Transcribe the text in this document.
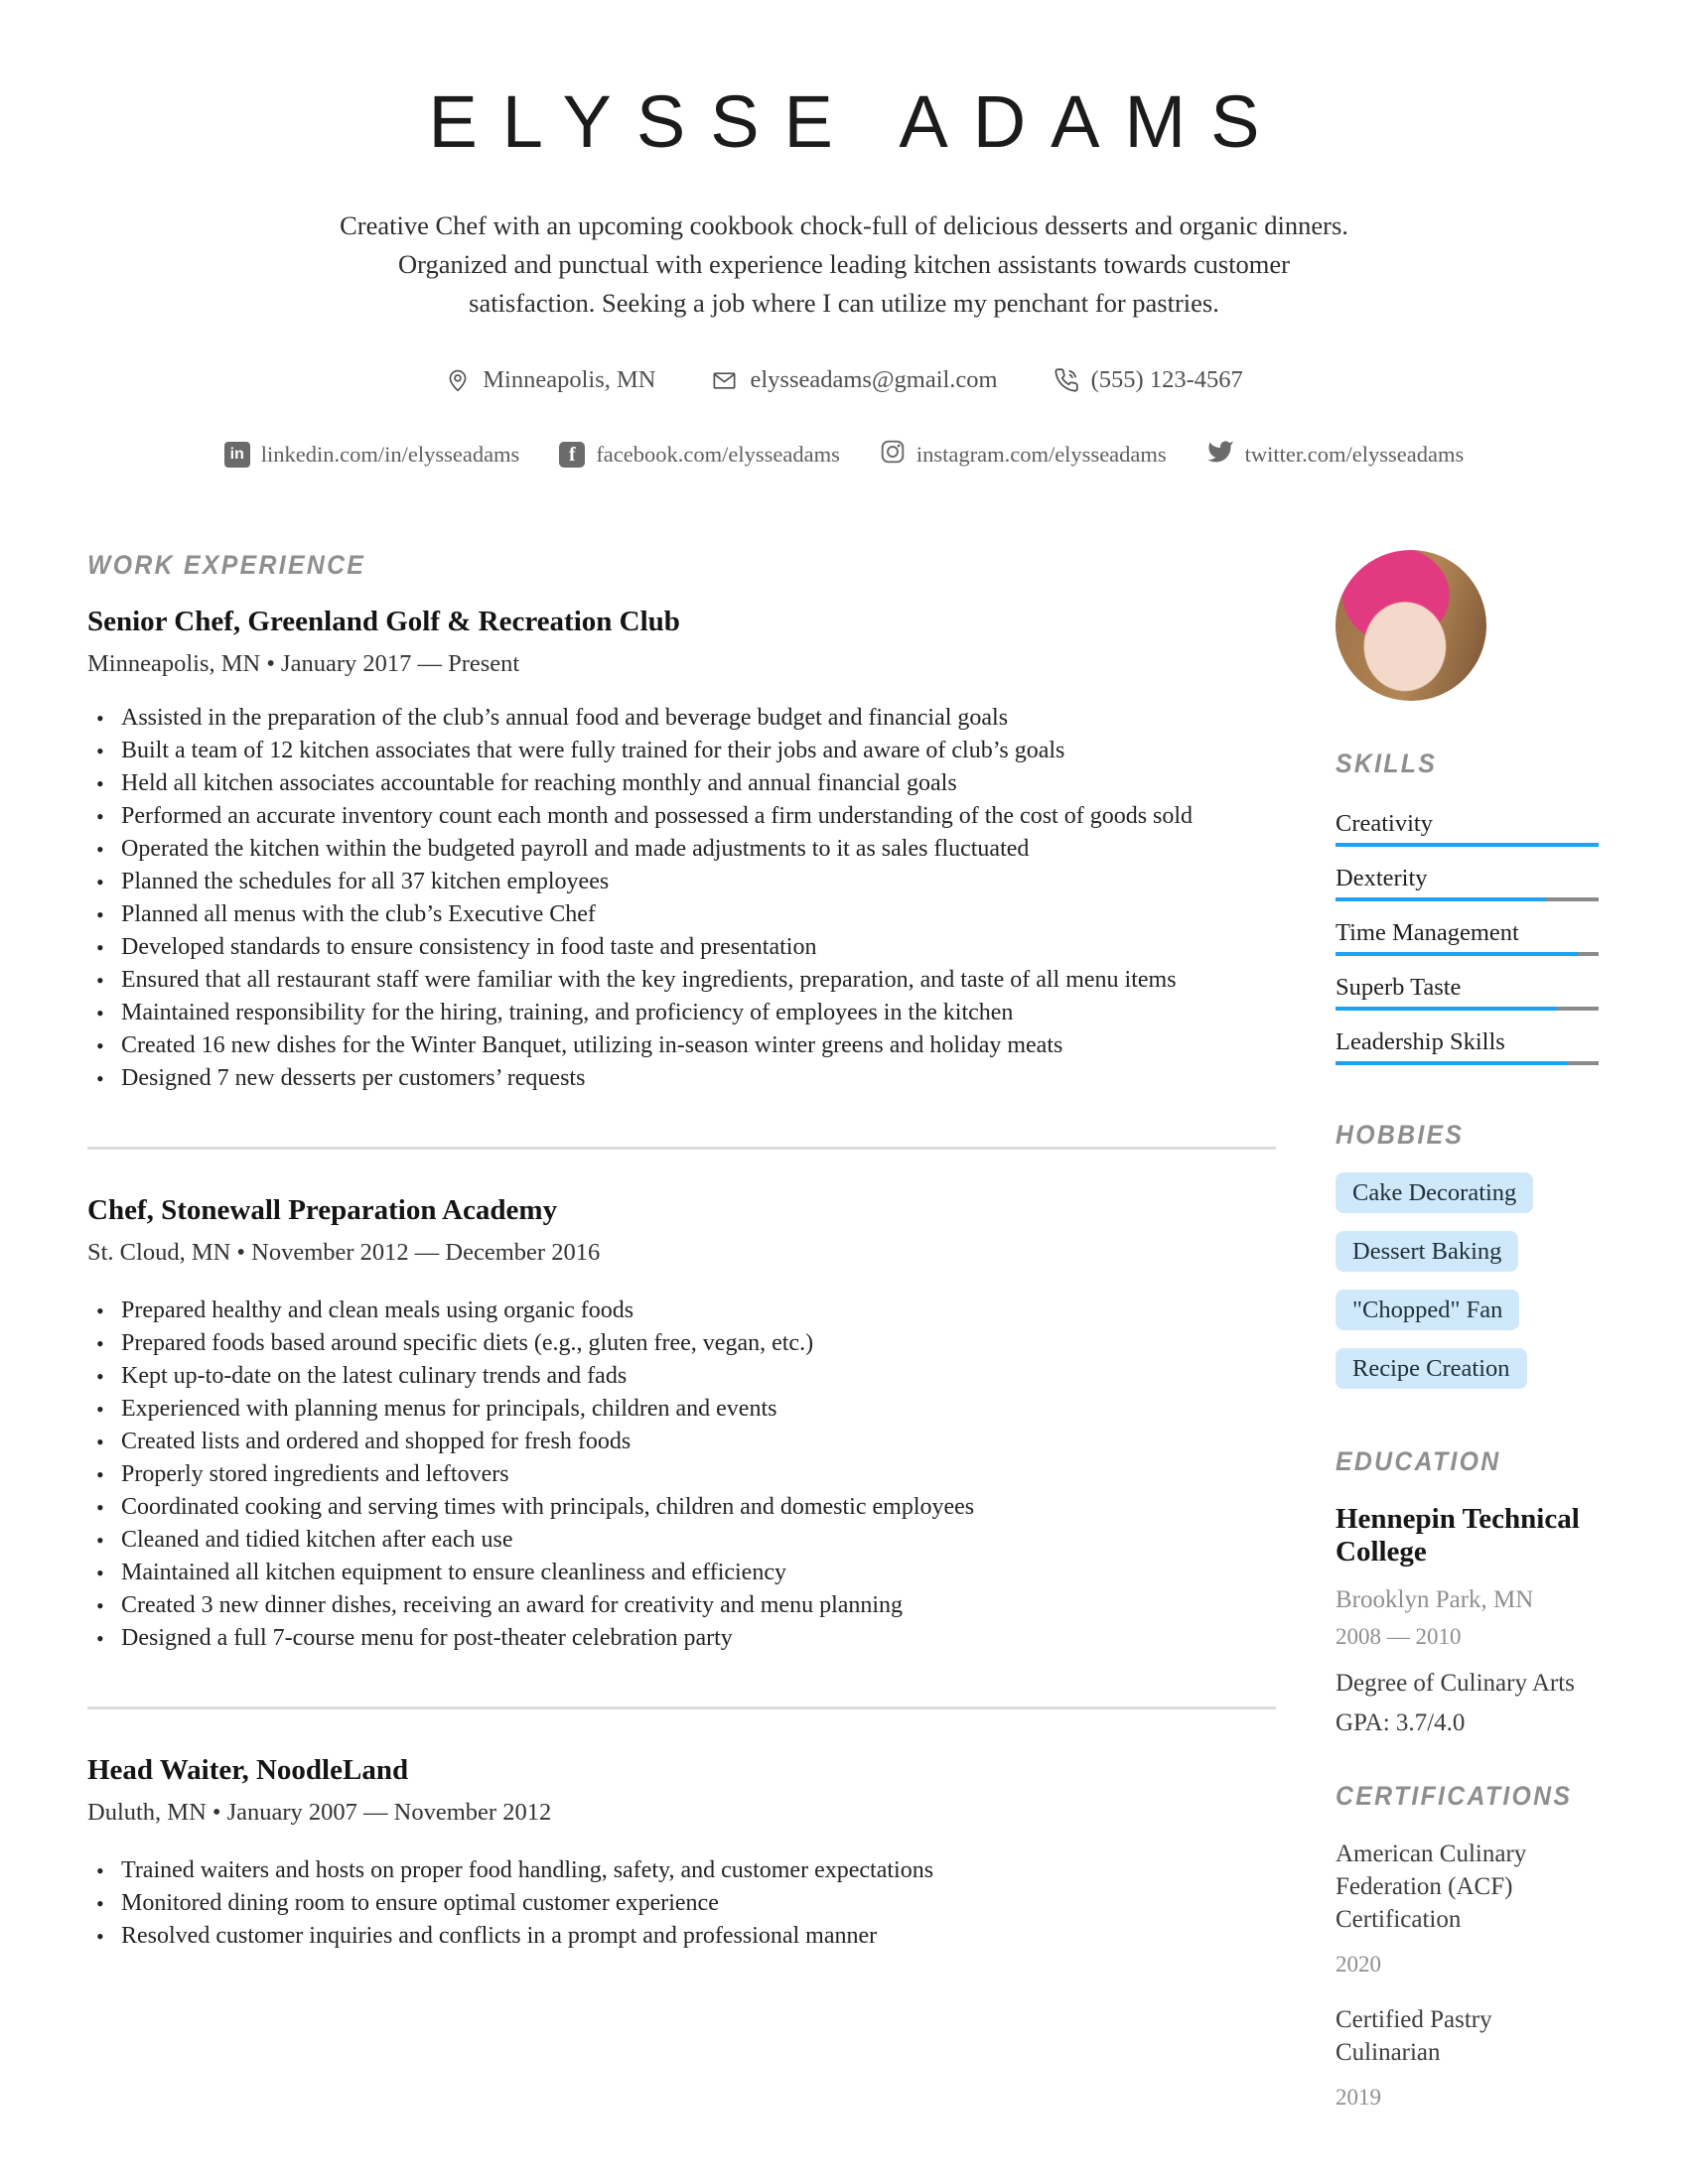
ELYSSE ADAMS
Creative Chef with an upcoming cookbook chock-full of delicious desserts and organic dinners.
Organized and punctual with experience leading kitchen assistants towards customer
satisfaction. Seeking a job where I can utilize my penchant for pastries.
Minneapolis, MN	elysseadams@gmail.com	(555) 123-4567
in linkedin.com/in/elysseadams	f facebook.com/elysseadams	instagram.com/elysseadams	twitter.com/elysseadams
WORK EXPERIENCE
Senior Chef, Greenland Golf & Recreation Club
Minneapolis, MN • January 2017 — Present
• Assisted in the preparation of the club’s annual food and beverage budget and financial goals
• Built a team of 12 kitchen associates that were fully trained for their jobs and aware of club’s goals
• Held all kitchen associates accountable for reaching monthly and annual financial goals
• Performed an accurate inventory count each month and possessed a firm understanding of the cost of goods sold
• Operated the kitchen within the budgeted payroll and made adjustments to it as sales fluctuated
• Planned the schedules for all 37 kitchen employees
• Planned all menus with the club’s Executive Chef
• Developed standards to ensure consistency in food taste and presentation
• Ensured that all restaurant staff were familiar with the key ingredients, preparation, and taste of all menu items
• Maintained responsibility for the hiring, training, and proficiency of employees in the kitchen
• Created 16 new dishes for the Winter Banquet, utilizing in-season winter greens and holiday meats
• Designed 7 new desserts per customers’ requests
Chef, Stonewall Preparation Academy
St. Cloud, MN • November 2012 — December 2016
• Prepared healthy and clean meals using organic foods
• Prepared foods based around specific diets (e.g., gluten free, vegan, etc.)
• Kept up-to-date on the latest culinary trends and fads
• Experienced with planning menus for principals, children and events
• Created lists and ordered and shopped for fresh foods
• Properly stored ingredients and leftovers
• Coordinated cooking and serving times with principals, children and domestic employees
• Cleaned and tidied kitchen after each use
• Maintained all kitchen equipment to ensure cleanliness and efficiency
• Created 3 new dinner dishes, receiving an award for creativity and menu planning
• Designed a full 7-course menu for post-theater celebration party
Head Waiter, NoodleLand
Duluth, MN • January 2007 — November 2012
• Trained waiters and hosts on proper food handling, safety, and customer expectations
• Monitored dining room to ensure optimal customer experience
• Resolved customer inquiries and conflicts in a prompt and professional manner
SKILLS
Creativity
Dexterity
Time Management
Superb Taste
Leadership Skills
HOBBIES
Cake Decorating
Dessert Baking
"Chopped" Fan
Recipe Creation
EDUCATION
Hennepin Technical College
Brooklyn Park, MN
2008 — 2010
Degree of Culinary Arts
GPA: 3.7/4.0
CERTIFICATIONS
American Culinary Federation (ACF) Certification
2020
Certified Pastry Culinarian
2019
